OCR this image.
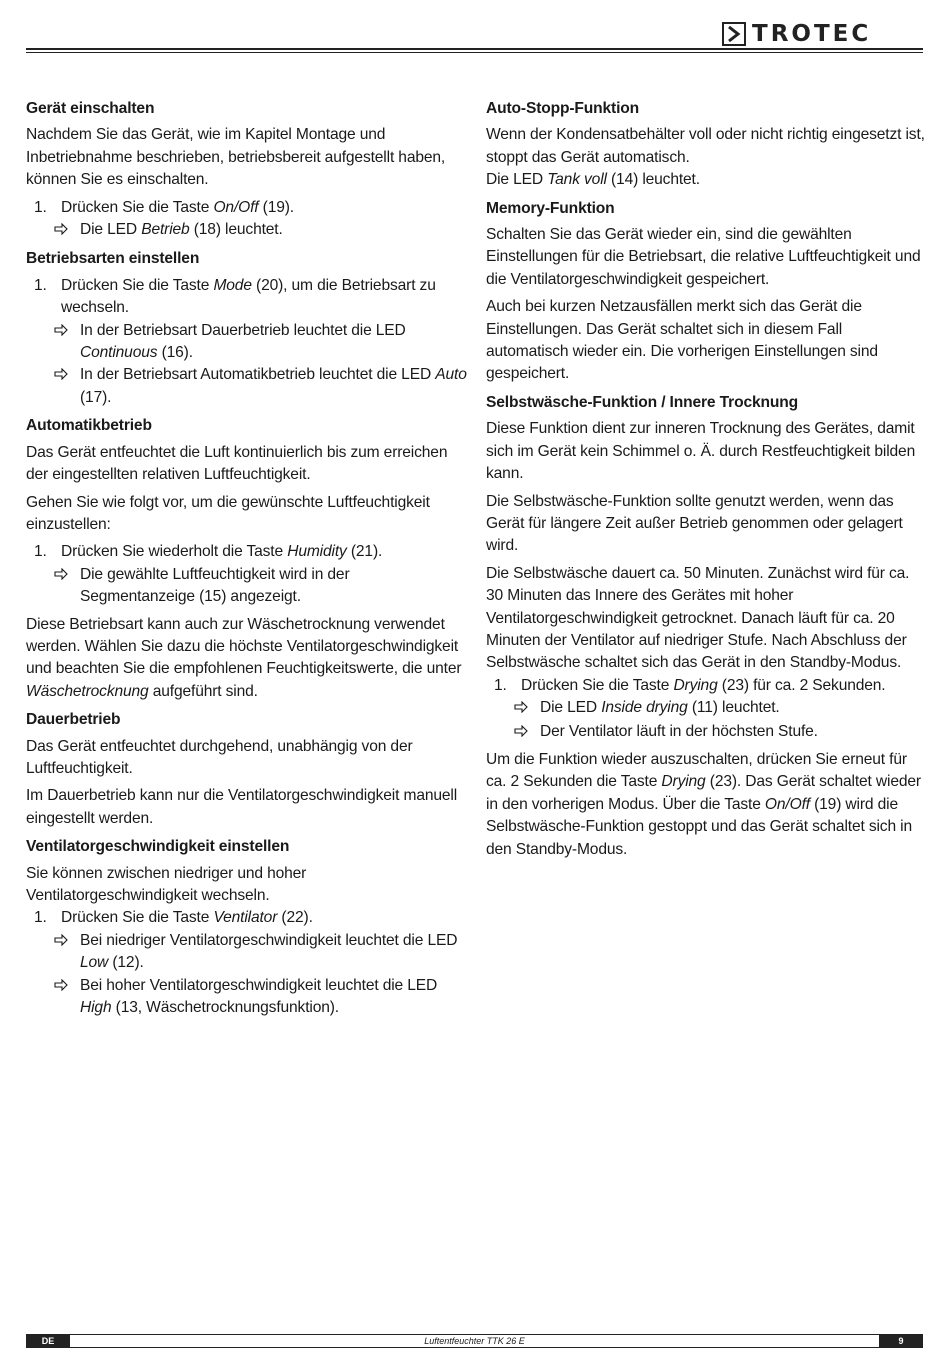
TROTEC
Gerät einschalten
Nachdem Sie das Gerät, wie im Kapitel Montage und Inbetriebnahme beschrieben, betriebsbereit aufgestellt haben, können Sie es einschalten.
1. Drücken Sie die Taste On/Off (19).
Die LED Betrieb (18) leuchtet.
Betriebsarten einstellen
1. Drücken Sie die Taste Mode (20), um die Betriebsart zu wechseln.
In der Betriebsart Dauerbetrieb leuchtet die LED Continuous (16).
In der Betriebsart Automatikbetrieb leuchtet die LED Auto (17).
Automatikbetrieb
Das Gerät entfeuchtet die Luft kontinuierlich bis zum erreichen der eingestellten relativen Luftfeuchtigkeit.
Gehen Sie wie folgt vor, um die gewünschte Luftfeuchtigkeit einzustellen:
1. Drücken Sie wiederholt die Taste Humidity (21).
Die gewählte Luftfeuchtigkeit wird in der Segmentanzeige (15) angezeigt.
Diese Betriebsart kann auch zur Wäschetrocknung verwendet werden. Wählen Sie dazu die höchste Ventilatorgeschwindigkeit und beachten Sie die empfohlenen Feuchtigkeitswerte, die unter Wäschetrocknung aufgeführt sind.
Dauerbetrieb
Das Gerät entfeuchtet durchgehend, unabhängig von der Luftfeuchtigkeit.
Im Dauerbetrieb kann nur die Ventilatorgeschwindigkeit manuell eingestellt werden.
Ventilatorgeschwindigkeit einstellen
Sie können zwischen niedriger und hoher Ventilatorgeschwindigkeit wechseln.
1. Drücken Sie die Taste Ventilator (22).
Bei niedriger Ventilatorgeschwindigkeit leuchtet die LED Low (12).
Bei hoher Ventilatorgeschwindigkeit leuchtet die LED High (13, Wäschetrocknungsfunktion).
Auto-Stopp-Funktion
Wenn der Kondensatbehälter voll oder nicht richtig eingesetzt ist, stoppt das Gerät automatisch.
Die LED Tank voll (14) leuchtet.
Memory-Funktion
Schalten Sie das Gerät wieder ein, sind die gewählten Einstellungen für die Betriebsart, die relative Luftfeuchtigkeit und die Ventilatorgeschwindigkeit gespeichert.
Auch bei kurzen Netzausfällen merkt sich das Gerät die Einstellungen. Das Gerät schaltet sich in diesem Fall automatisch wieder ein. Die vorherigen Einstellungen sind gespeichert.
Selbstwäsche-Funktion / Innere Trocknung
Diese Funktion dient zur inneren Trocknung des Gerätes, damit sich im Gerät kein Schimmel o. Ä. durch Restfeuchtigkeit bilden kann.
Die Selbstwäsche-Funktion sollte genutzt werden, wenn das Gerät für längere Zeit außer Betrieb genommen oder gelagert wird.
Die Selbstwäsche dauert ca. 50 Minuten. Zunächst wird für ca. 30 Minuten das Innere des Gerätes mit hoher Ventilatorgeschwindigkeit getrocknet. Danach läuft für ca. 20 Minuten der Ventilator auf niedriger Stufe. Nach Abschluss der Selbstwäsche schaltet sich das Gerät in den Standby-Modus.
1. Drücken Sie die Taste Drying (23) für ca. 2 Sekunden.
Die LED Inside drying (11) leuchtet.
Der Ventilator läuft in der höchsten Stufe.
Um die Funktion wieder auszuschalten, drücken Sie erneut für ca. 2 Sekunden die Taste Drying (23). Das Gerät schaltet wieder in den vorherigen Modus. Über die Taste On/Off (19) wird die Selbstwäsche-Funktion gestoppt und das Gerät schaltet sich in den Standby-Modus.
DE	Luftentfeuchter TTK 26 E	9
